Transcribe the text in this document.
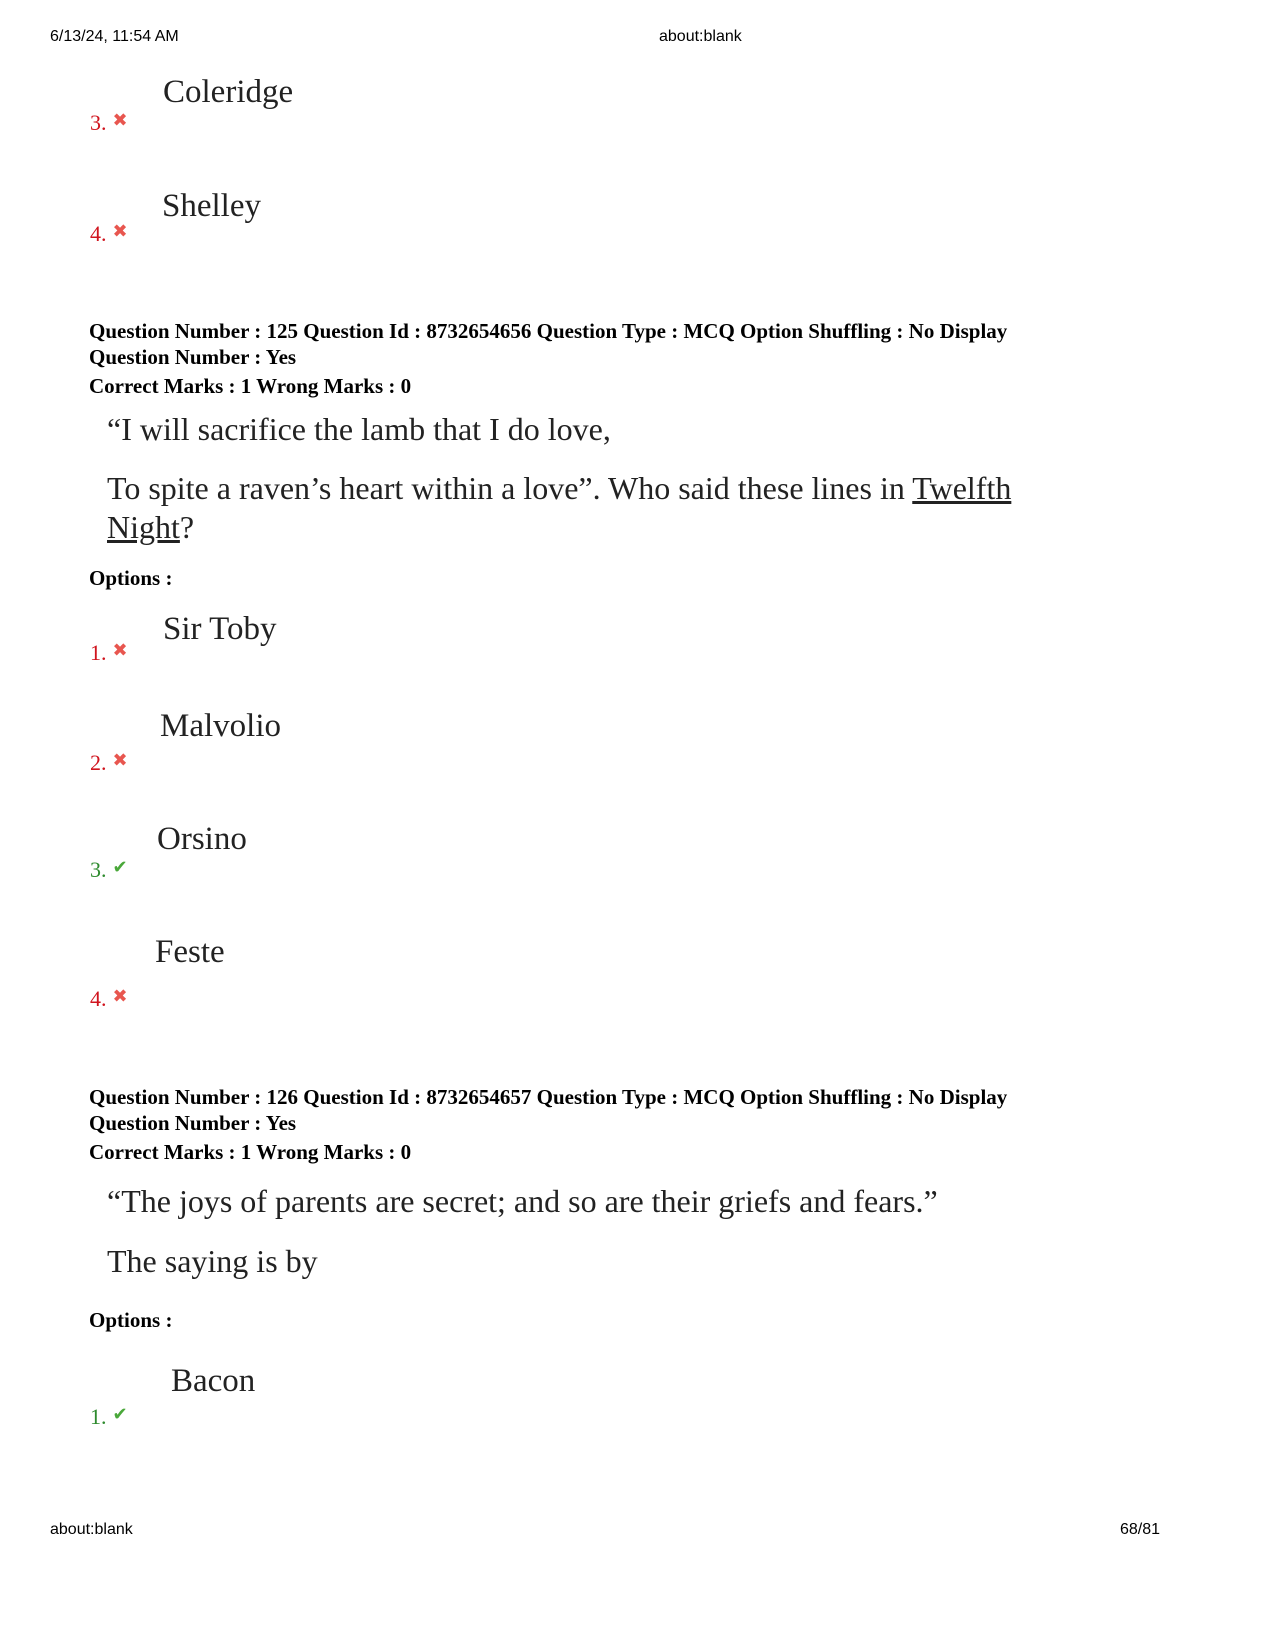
6/13/24, 11:54 AM	about:blank
Coleridge
3. ✖
Shelley
4. ✖
Question Number : 125 Question Id : 8732654656 Question Type : MCQ Option Shuffling : No Display
Question Number : Yes
Correct Marks : 1 Wrong Marks : 0
“I will sacrifice the lamb that I do love,
To spite a raven’s heart within a love”. Who said these lines in Twelfth
Night?
Options :
Sir Toby
1. ✖
Malvolio
2. ✖
Orsino
3. ✔
Feste
4. ✖
Question Number : 126 Question Id : 8732654657 Question Type : MCQ Option Shuffling : No Display
Question Number : Yes
Correct Marks : 1 Wrong Marks : 0
“The joys of parents are secret; and so are their griefs and fears.”
The saying is by
Options :
Bacon
1. ✔
about:blank	68/81
